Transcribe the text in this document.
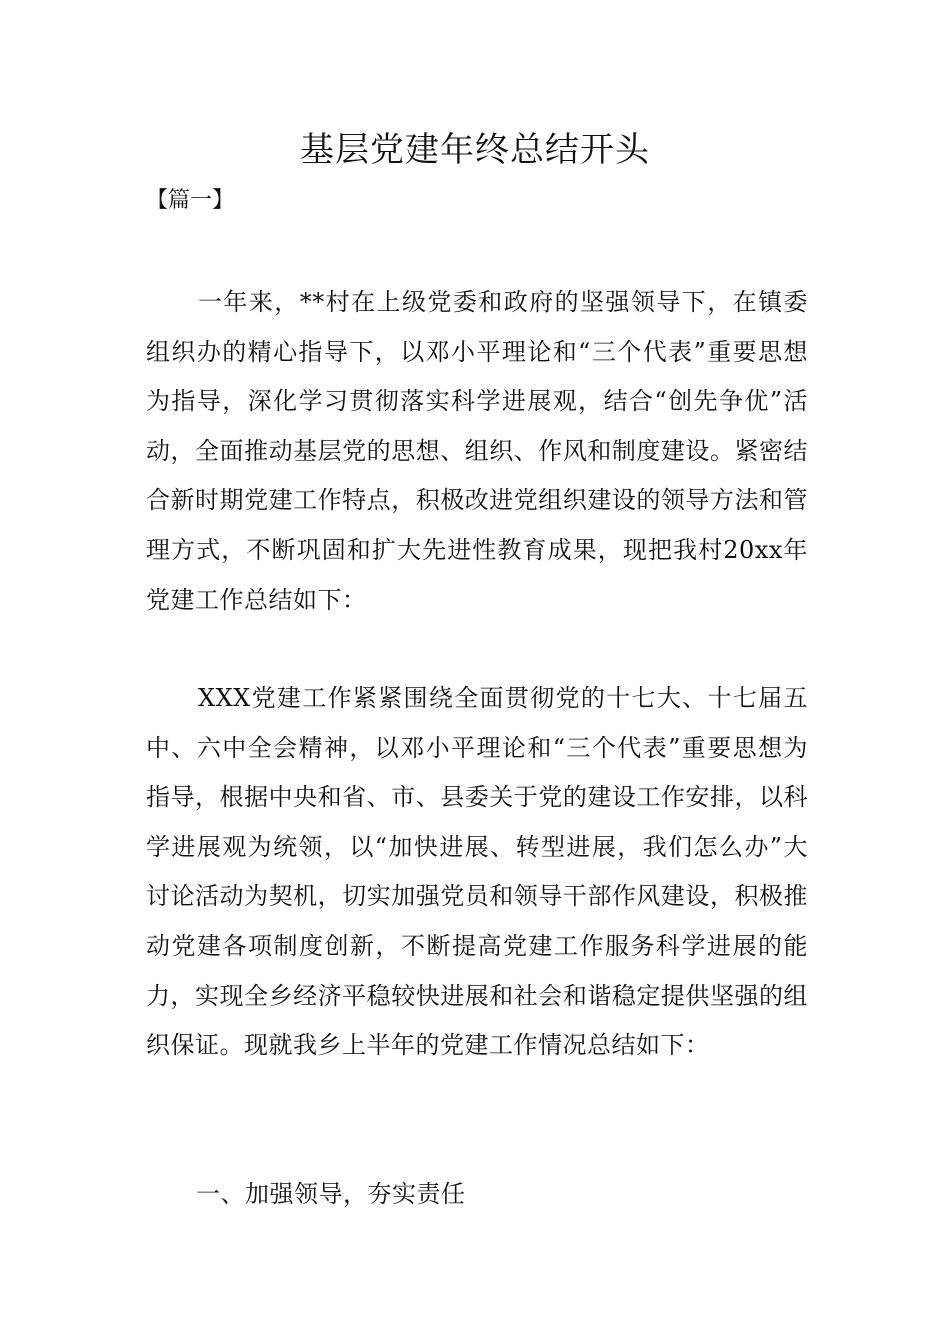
基层党建年终总结开头
【篇一】

一年来，**村在上级党委和政府的坚强领导下，在镇委组织办的精心指导下，以邓小平理论和“三个代表”重要思想为指导，深化学习贯彻落实科学进展观，结合“创先争优”活动，全面推动基层党的思想、组织、作风和制度建设。紧密结合新时期党建工作特点，积极改进党组织建设的领导方法和管理方式，不断巩固和扩大先进性教育成果，现把我村20xx年党建工作总结如下：

XXX党建工作紧紧围绕全面贯彻党的十七大、十七届五中、六中全会精神，以邓小平理论和“三个代表”重要思想为指导，根据中央和省、市、县委关于党的建设工作安排，以科学进展观为统领，以“加快进展、转型进展，我们怎么办”大讨论活动为契机，切实加强党员和领导干部作风建设，积极推动党建各项制度创新，不断提高党建工作服务科学进展的能力，实现全乡经济平稳较快进展和社会和谐稳定提供坚强的组织保证。现就我乡上半年的党建工作情况总结如下：

一、加强领导，夯实责任
